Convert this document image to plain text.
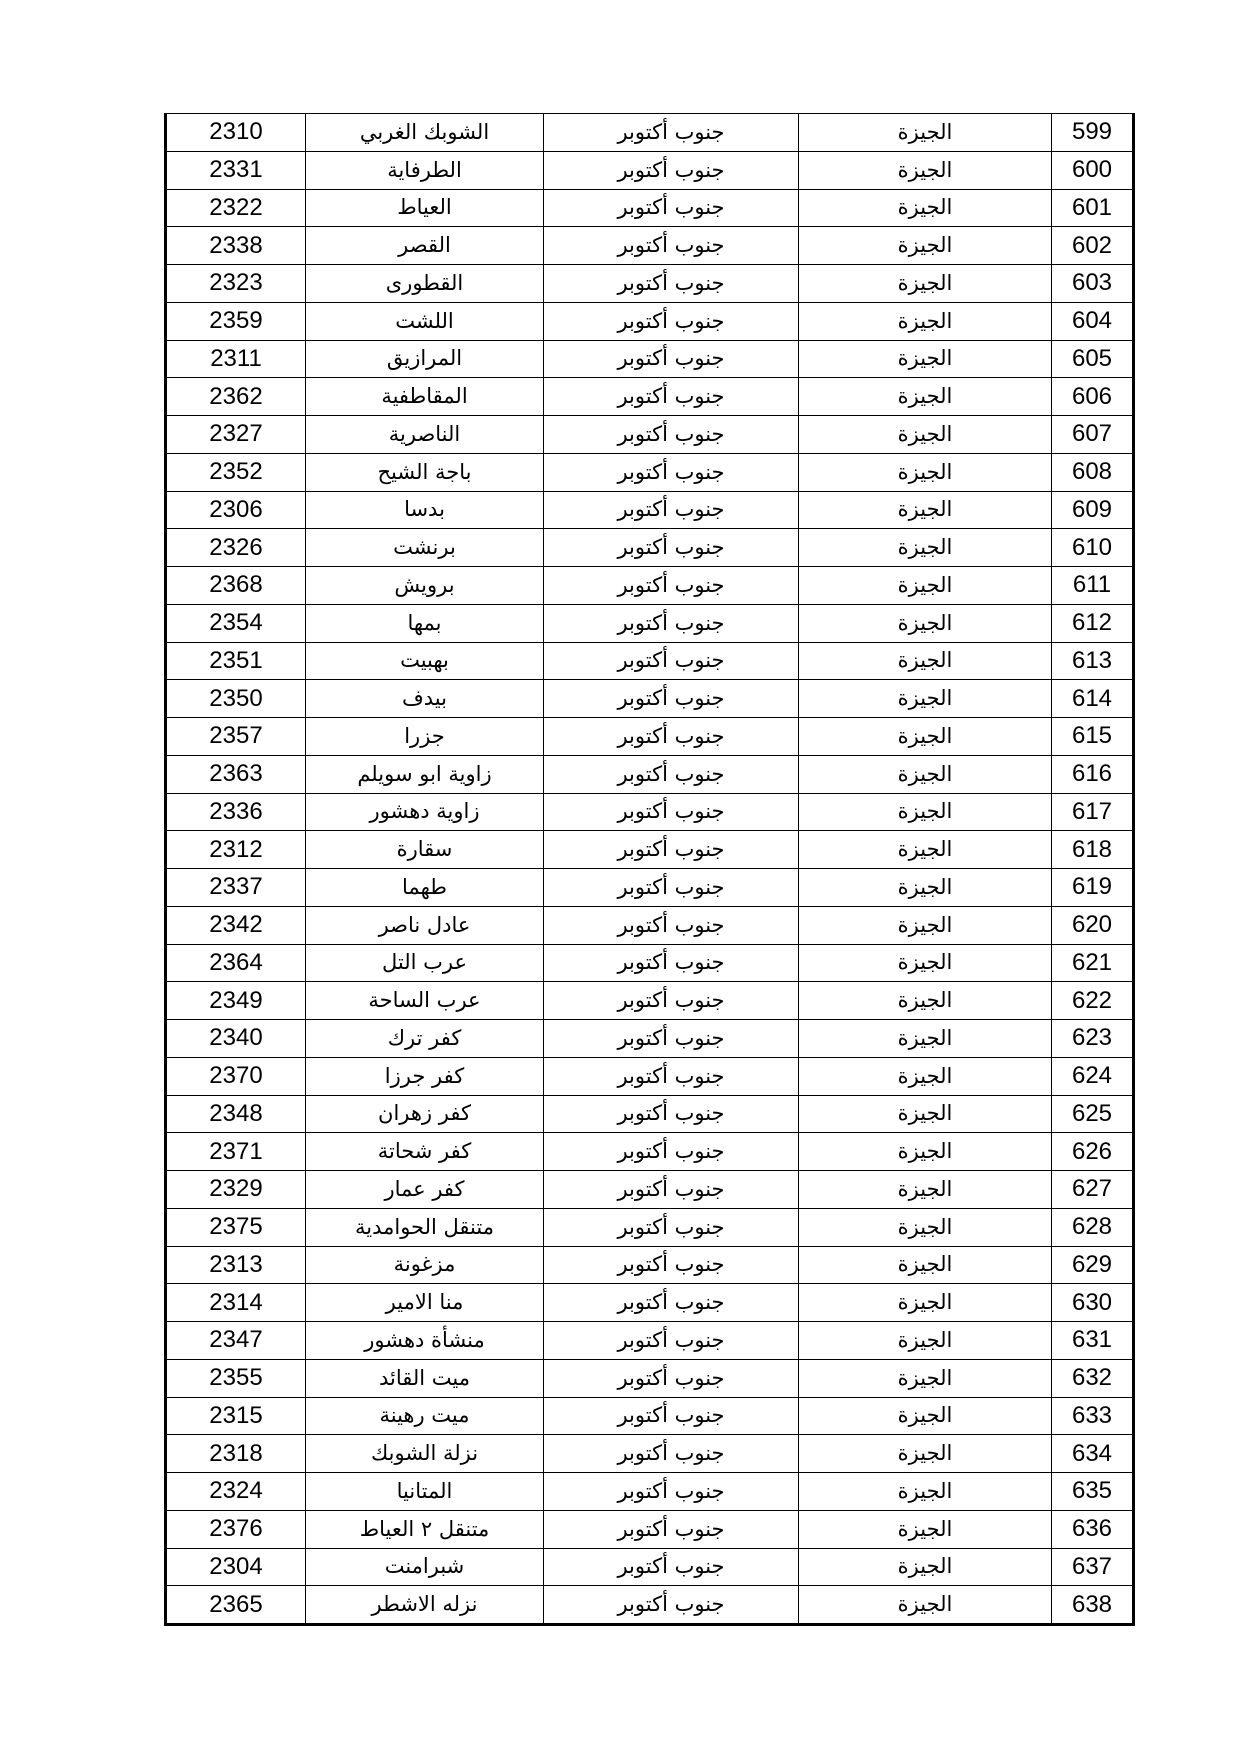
2310	الشوبك الغربي	جنوب أكتوبر	الجيزة	599
2331	الطرفاية	جنوب أكتوبر	الجيزة	600
2322	العياط	جنوب أكتوبر	الجيزة	601
2338	القصر	جنوب أكتوبر	الجيزة	602
2323	القطورى	جنوب أكتوبر	الجيزة	603
2359	اللشت	جنوب أكتوبر	الجيزة	604
2311	المرازيق	جنوب أكتوبر	الجيزة	605
2362	المقاطفية	جنوب أكتوبر	الجيزة	606
2327	الناصرية	جنوب أكتوبر	الجيزة	607
2352	باجة الشيح	جنوب أكتوبر	الجيزة	608
2306	بدسا	جنوب أكتوبر	الجيزة	609
2326	برنشت	جنوب أكتوبر	الجيزة	610
2368	برويش	جنوب أكتوبر	الجيزة	611
2354	بمها	جنوب أكتوبر	الجيزة	612
2351	بهبيت	جنوب أكتوبر	الجيزة	613
2350	بيدف	جنوب أكتوبر	الجيزة	614
2357	جزرا	جنوب أكتوبر	الجيزة	615
2363	زاوية ابو سويلم	جنوب أكتوبر	الجيزة	616
2336	زاوية دهشور	جنوب أكتوبر	الجيزة	617
2312	سقارة	جنوب أكتوبر	الجيزة	618
2337	طهما	جنوب أكتوبر	الجيزة	619
2342	عادل ناصر	جنوب أكتوبر	الجيزة	620
2364	عرب التل	جنوب أكتوبر	الجيزة	621
2349	عرب الساحة	جنوب أكتوبر	الجيزة	622
2340	كفر ترك	جنوب أكتوبر	الجيزة	623
2370	كفر جرزا	جنوب أكتوبر	الجيزة	624
2348	كفر زهران	جنوب أكتوبر	الجيزة	625
2371	كفر شحاتة	جنوب أكتوبر	الجيزة	626
2329	كفر عمار	جنوب أكتوبر	الجيزة	627
2375	متنقل الحوامدية	جنوب أكتوبر	الجيزة	628
2313	مزغونة	جنوب أكتوبر	الجيزة	629
2314	منا الامير	جنوب أكتوبر	الجيزة	630
2347	منشأة دهشور	جنوب أكتوبر	الجيزة	631
2355	ميت القائد	جنوب أكتوبر	الجيزة	632
2315	ميت رهينة	جنوب أكتوبر	الجيزة	633
2318	نزلة الشوبك	جنوب أكتوبر	الجيزة	634
2324	المتانيا	جنوب أكتوبر	الجيزة	635
2376	متنقل ٢ العياط	جنوب أكتوبر	الجيزة	636
2304	شبرامنت	جنوب أكتوبر	الجيزة	637
2365	نزله الاشطر	جنوب أكتوبر	الجيزة	638
